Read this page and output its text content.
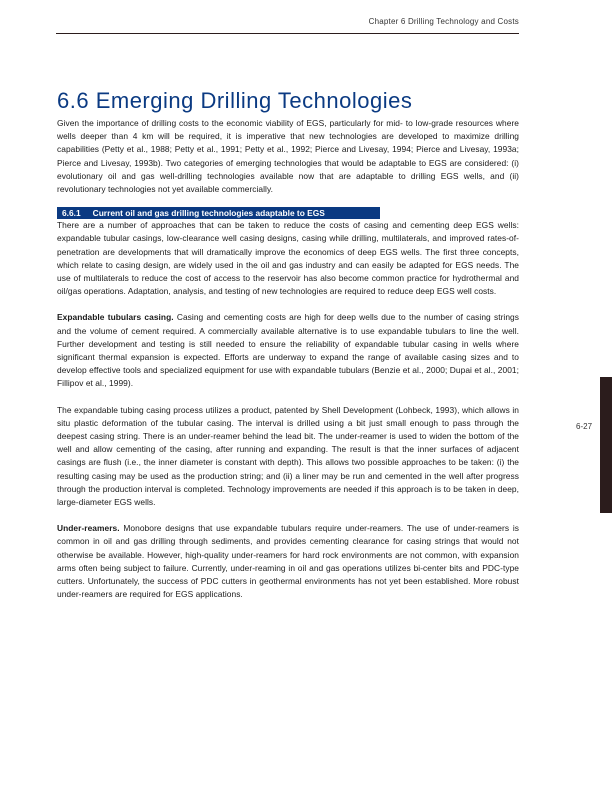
Chapter 6 Drilling Technology and Costs
6-27
6.6 Emerging Drilling Technologies

Given the importance of drilling costs to the economic viability of EGS, particularly for mid- to low-grade resources where wells deeper than 4 km will be required, it is imperative that new technologies are developed to maximize drilling capabilities (Petty et al., 1988; Petty et al., 1991; Petty et al., 1992; Pierce and Livesay, 1994; Pierce and Livesay, 1993a; Pierce and Livesay, 1993b). Two categories of emerging technologies that would be adaptable to EGS are considered: (i) evolutionary oil and gas well-drilling technologies available now that are adaptable to drilling EGS wells, and (ii) revolutionary technologies not yet available commercially.

6.6.1 Current oil and gas drilling technologies adaptable to EGS

There are a number of approaches that can be taken to reduce the costs of casing and cementing deep EGS wells: expandable tubular casings, low-clearance well casing designs, casing while drilling, multilaterals, and improved rates-of-penetration are developments that will dramatically improve the economics of deep EGS wells. The first three concepts, which relate to casing design, are widely used in the oil and gas industry and can easily be adapted for EGS needs. The use of multilaterals to reduce the cost of access to the reservoir has also become common practice for hydrothermal and oil/gas operations. Adaptation, analysis, and testing of new technologies are required to reduce deep EGS well costs.

Expandable tubulars casing. Casing and cementing costs are high for deep wells due to the number of casing strings and the volume of cement required. A commercially available alternative is to use expandable tubulars to line the well. Further development and testing is still needed to ensure the reliability of expandable tubular casing in wells where significant thermal expansion is expected. Efforts are underway to expand the range of available casing sizes and to develop effective tools and specialized equipment for use with expandable tubulars (Benzie et al., 2000; Dupai et al., 2001; Fillipov et al., 1999).

The expandable tubing casing process utilizes a product, patented by Shell Development (Lohbeck, 1993), which allows in situ plastic deformation of the tubular casing. The interval is drilled using a bit just small enough to pass through the deepest casing string. There is an under-reamer behind the lead bit. The under-reamer is used to widen the bottom of the well and allow cementing of the casing, after running and expanding. The result is that the inner surfaces of adjacent casings are flush (i.e., the inner diameter is constant with depth). This allows two possible approaches to be taken: (i) the resulting casing may be used as the production string; and (ii) a liner may be run and cemented in the well after progress through the production interval is completed. Technology improvements are needed if this approach is to be taken in deep, large-diameter EGS wells.

Under-reamers. Monobore designs that use expandable tubulars require under-reamers. The use of under-reamers is common in oil and gas drilling through sediments, and provides cementing clearance for casing strings that would not otherwise be available. However, high-quality under-reamers for hard rock environments are not common, with expansion arms often being subject to failure. Currently, under-reaming in oil and gas operations utilizes bi-center bits and PDC-type cutters. Unfortunately, the success of PDC cutters in geothermal environments has not yet been established. More robust under-reamers are required for EGS applications.
